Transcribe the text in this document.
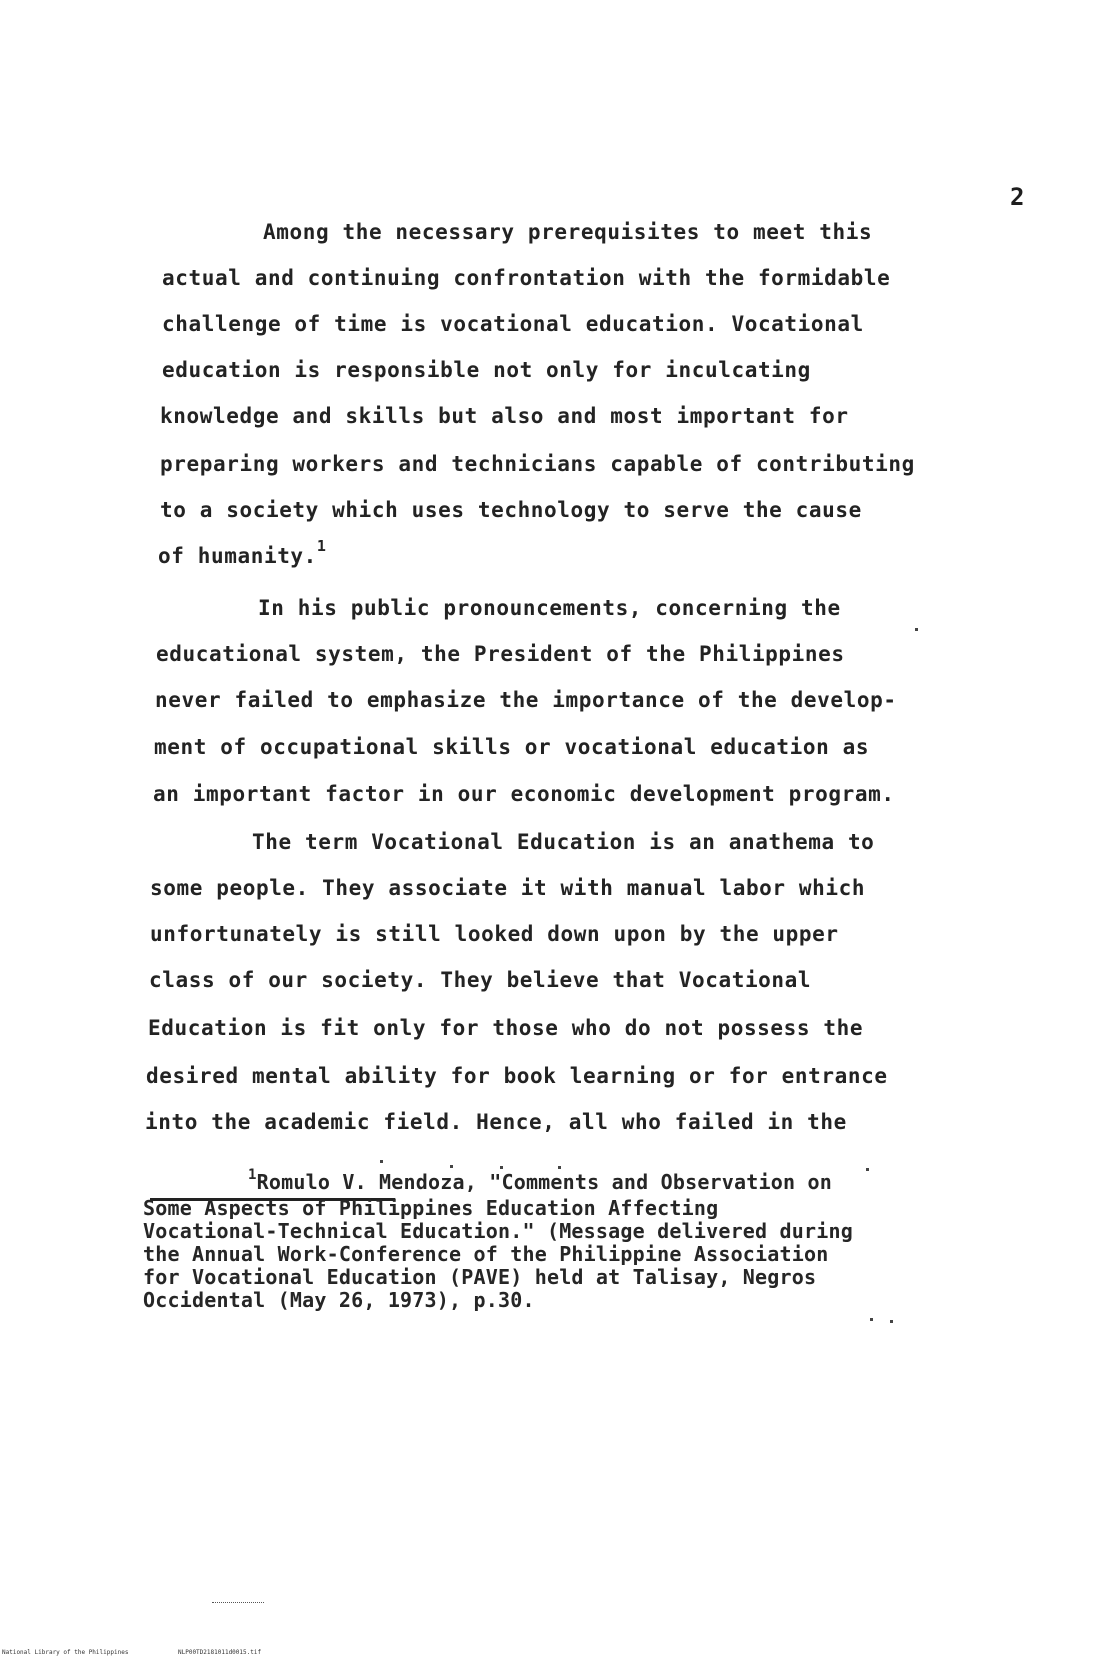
2
Among the necessary prerequisites to meet this
actual and continuing confrontation with the formidable
challenge of time is vocational education. Vocational
education is responsible not only for inculcating
knowledge and skills but also and most important for
preparing workers and technicians capable of contributing
to a society which uses technology to serve the cause
of humanity.$^1$
In his public pronouncements, concerning the
educational system, the President of the Philippines
never failed to emphasize the importance of the develop-
ment of occupational skills or vocational education as
an important factor in our economic development program.
The term Vocational Education is an anathema to
some people. They associate it with manual labor which
unfortunately is still looked down upon by the upper
class of our society. They believe that Vocational
Education is fit only for those who do not possess the
desired mental ability for book learning or for entrance
into the academic field. Hence, all who failed in the
$^1$Romulo V. Mendoza, "Comments and Observation on
Some Aspects of Philippines Education Affecting
Vocational-Technical Education." (Message delivered during
the Annual Work-Conference of the Philippine Association
for Vocational Education (PAVE) held at Talisay, Negros
Occidental (May 26, 1973), p.30.
National Library of the Philippines	NLP00TD2181011d0015.tif
